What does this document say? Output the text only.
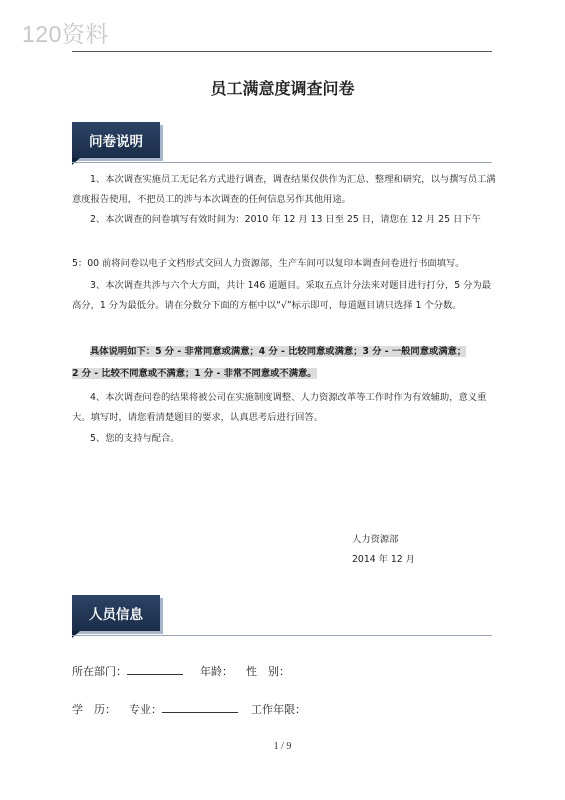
120资料
员工满意度调查问卷
问卷说明

1、本次调查实施员工无记名方式进行调查，调查结果仅供作为汇总、整理和研究，以与撰写员工满意度报告使用，不把员工的涉与本次调查的任何信息另作其他用途。

2、本次调查的问卷填写有效时间为：2010 年 12 月 13 日至 25 日，请您在 12 月 25 日下午

5：00 前将问卷以电子文档形式交回人力资源部，生产车间可以复印本调查问卷进行书面填写。

3、本次调查共涉与六个大方面，共计 146 道题目。采取五点计分法来对题目进行打分，5 分为最高分，1 分为最低分。请在分数分下面的方框中以“√”标示即可，每道题目请只选择 1 个分数。

具体说明如下：5 分 - 非常同意或满意；4 分 - 比较同意或满意；3 分 - 一般同意或满意；

2 分 - 比较不同意或不满意；1 分 - 非常不同意或不满意。

4、本次调查问卷的结果将被公司在实施制度调整、人力资源改革等工作时作为有效辅助，意义重大。填写时，请您看清楚题目的要求，认真思考后进行回答。

5、您的支持与配合。

人力资源部
2014 年 12 月
人员信息
所在部门：	年龄： 性　别：
学　历： 专业：	工作年限：
1 / 9
